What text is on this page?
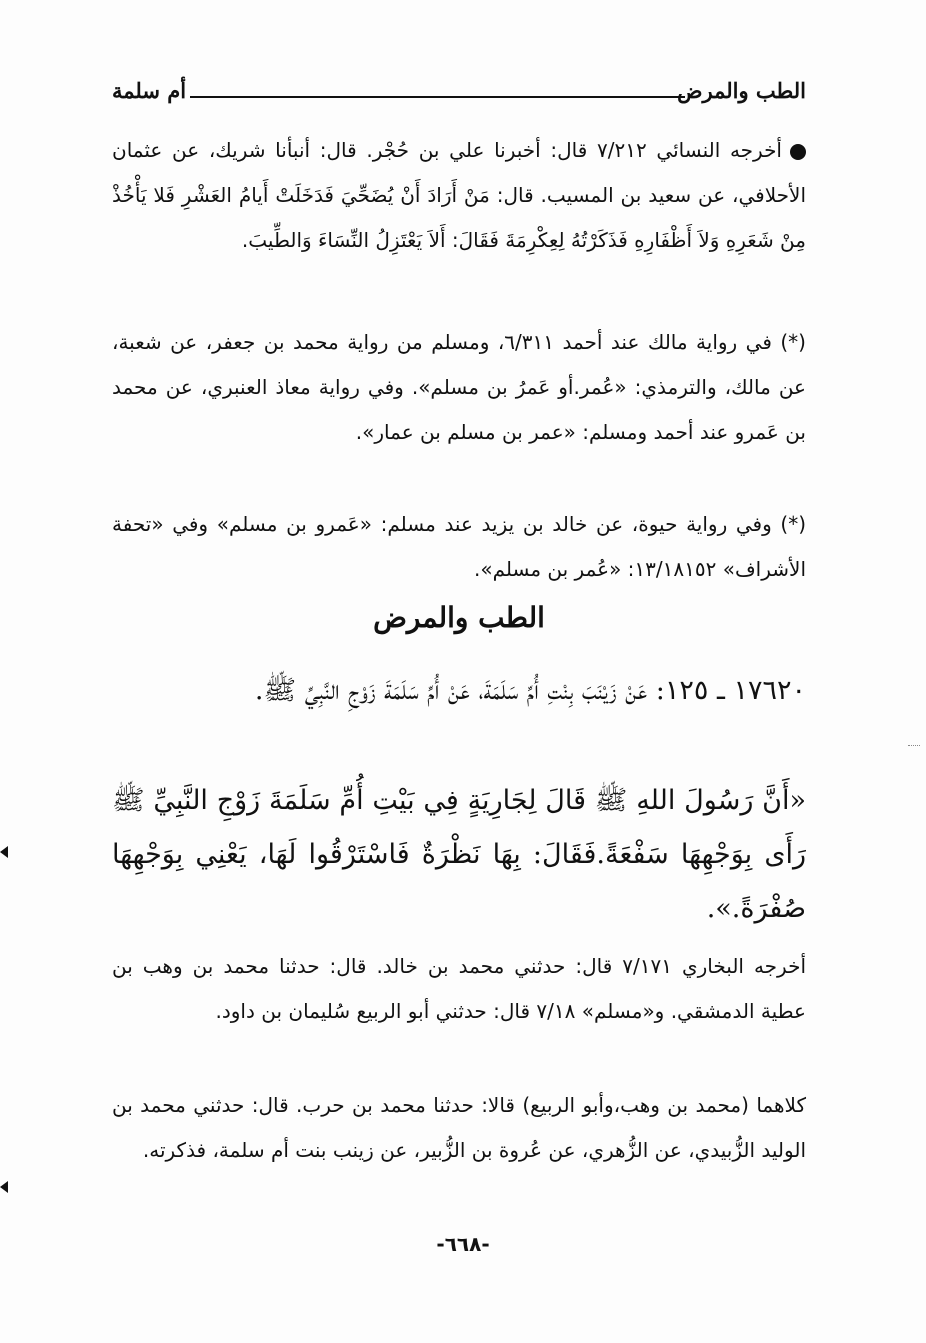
الطب والمرض
أم سلمة
أخرجه النسائي ٧/٢١٢ قال: أخبرنا علي بن حُجْر. قال: أنبأنا شريك، عن عثمان الأحلافي، عن سعيد بن المسيب. قال: مَنْ أَرَادَ أَنْ يُضَحِّيَ فَدَخَلَتْ أَيامُ العَشْرِ فَلا يَأْخُذْ مِنْ شَعَرِهِ وَلاَ أَظْفَارِهِ فَذَكَرْتُهُ لِعِكْرِمَةَ فَقَالَ: أَلاَ يَعْتَزِلُ النِّسَاءَ وَالطِّيبَ.
(*) في رواية مالك عند أحمد ٦/٣١١، ومسلم من رواية محمد بن جعفر، عن شعبة، عن مالك، والترمذي: «عُمر.أو عَمرُ بن مسلم». وفي رواية معاذ العنبري، عن محمد بن عَمرو عند أحمد ومسلم: «عمر بن مسلم بن عمار».
(*) وفي رواية حيوة، عن خالد بن يزيد عند مسلم: «عَمرو بن مسلم» وفي «تحفة الأشراف» ١٣/١٨١٥٢: «عُمر بن مسلم».
الطب والمرض
١٧٦٢٠ ـ ١٢٥: عَنْ زَيْنَبَ بِنْتِ أُمِّ سَلَمَةَ، عَنْ أُمِّ سَلَمَةَ زَوْجِ النَّبِيِّ ﷺ.
«أَنَّ رَسُولَ اللهِ ﷺ قَالَ لِجَارِيَةٍ فِي بَيْتِ أُمِّ سَلَمَةَ زَوْجِ النَّبِيِّ ﷺ رَأَى بِوَجْهِهَا سَفْعَةً.فَقَالَ: بِهَا نَظْرَةٌ فَاسْتَرْقُوا لَهَا، يَعْنِي بِوَجْهِهَا صُفْرَةً.».
أخرجه البخاري ٧/١٧١ قال: حدثني محمد بن خالد. قال: حدثنا محمد بن وهب بن عطية الدمشقي. و«مسلم» ٧/١٨ قال: حدثني أبو الربيع سُليمان بن داود.
كلاهما (محمد بن وهب،وأبو الربيع) قالا: حدثنا محمد بن حرب. قال: حدثني محمد بن الوليد الزُّبيدي، عن الزُّهري، عن عُروة بن الزُّبير، عن زينب بنت أم سلمة، فذكرته.
-٦٦٨-
